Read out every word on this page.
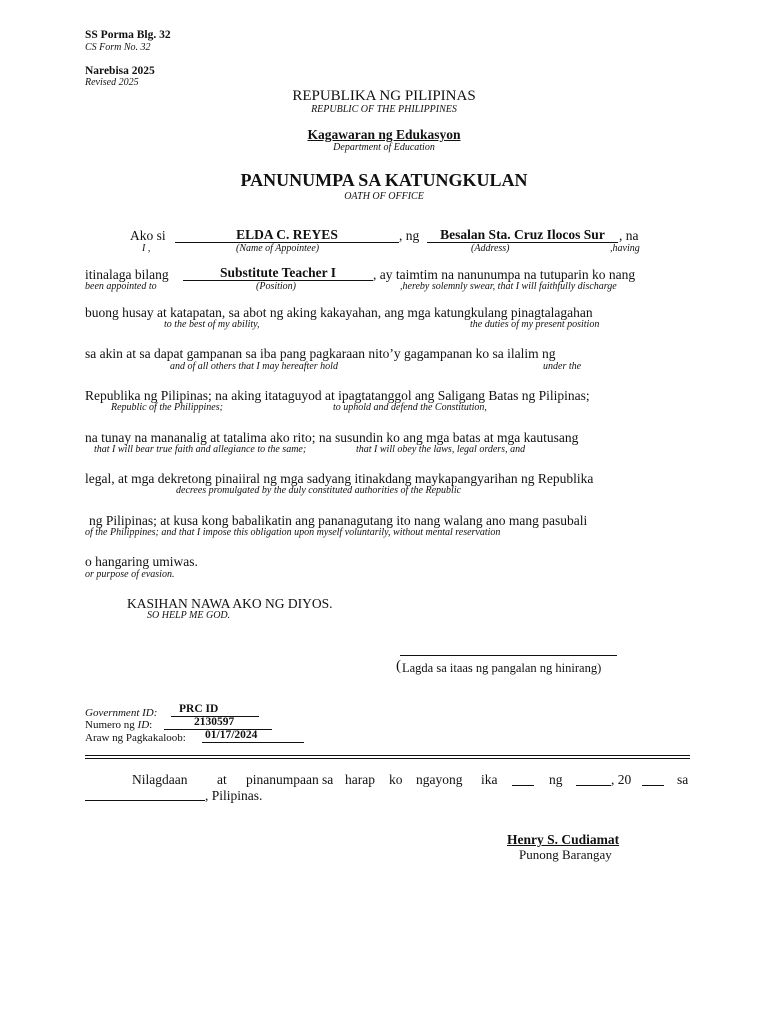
SS Porma Blg. 32
CS Form No. 32
Narebisa 2025
Revised 2025
REPUBLIKA NG PILIPINAS
REPUBLIC OF THE PHILIPPINES
Kagawaran ng Edukasyon
Department of Education
PANUNUMPA SA KATUNGKULAN
OATH OF OFFICE
Ako si	ELDA C. REYES	, ng	Besalan Sta. Cruz Ilocos Sur	, na
I ,	(Name of Appointee)	(Address)	,having
itinalaga bilang	Substitute Teacher I	, ay taimtim na nanunumpa na tutuparin ko nang
been appointed to	(Position)	,hereby solemnly swear, that I will faithfully discharge
buong husay at katapatan, sa abot ng aking kakayahan, ang mga katungkulang pinagtalagahan
to the best of my ability,	the duties of my present position
sa akin at sa dapat gampanan sa iba pang pagkaraan nito’y gagampanan ko sa ilalim ng
and of all others that I may hereafter hold	under the
Republika ng Pilipinas; na aking itataguyod at ipagtatanggol ang Saligang Batas ng Pilipinas;
Republic of the Philippines;	to uphold and defend the Constitution,
na tunay na mananalig at tatalima ako rito; na susundin ko ang mga batas at mga kautusang
that I will bear true faith and allegiance to the same;	that I will obey the laws, legal orders, and
legal, at mga dekretong pinaiiral ng mga sadyang itinakdang maykapangyarihan ng Republika
decrees promulgated by the duly constituted authorities of the Republic
ng Pilipinas; at kusa kong babalikatin ang pananagutang ito nang walang ano mang pasubali
of the Philippines; and that I impose this obligation upon myself voluntarily, without mental reservation
o hangaring umiwas.
or purpose of evasion.
KASIHAN NAWA AKO NG DIYOS.
SO HELP ME GOD.
( Lagda sa itaas ng pangalan ng hinirang)
Government ID:	PRC ID
Numero ng ID:	2130597
Araw ng Pagkakaloob: 01/17/2024
Nilagdaan at pinanumpaan sa harap ko ngayong ika	ng	, 20	sa
, Pilipinas.
Henry S. Cudiamat
Punong Barangay
